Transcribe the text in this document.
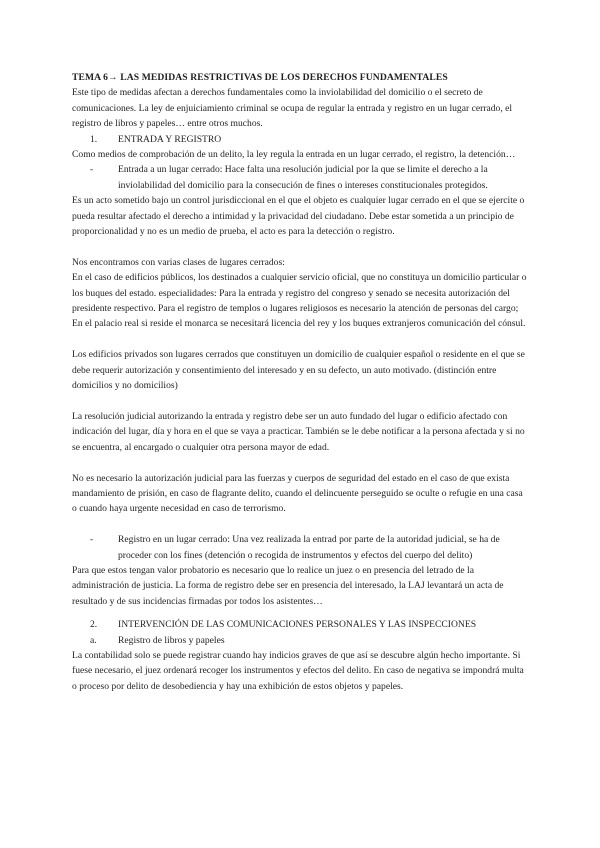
TEMA 6→ LAS MEDIDAS RESTRICTIVAS DE LOS DERECHOS FUNDAMENTALES

Este tipo de medidas afectan a derechos fundamentales como la inviolabilidad del domicilio o el secreto de comunicaciones. La ley de enjuiciamiento criminal se ocupa de regular la entrada y registro en un lugar cerrado, el registro de libros y papeles… entre otros muchos.

1. ENTRADA Y REGISTRO

Como medios de comprobación de un delito, la ley regula la entrada en un lugar cerrado, el registro, la detención…

-	Entrada a un lugar cerrado: Hace falta una resolución judicial por la que se limite el derecho a la inviolabilidad del domicilio para la consecución de fines o intereses constitucionales protegidos.

Es un acto sometido bajo un control jurisdiccional en el que el objeto es cualquier lugar cerrado en el que se ejercite o pueda resultar afectado el derecho a intimidad y la privacidad del ciudadano. Debe estar sometida a un principio de proporcionalidad y no es un medio de prueba, el acto es para la detección o registro.

Nos encontramos con varias clases de lugares cerrados:

En el caso de edificios públicos, los destinados a cualquier servicio oficial, que no constituya un domicilio particular o los buques del estado. especialidades: Para la entrada y registro del congreso y senado se necesita autorización del presidente respectivo. Para el registro de templos o lugares religiosos es necesario la atención de personas del cargo; En el palacio real si reside el monarca se necesitará licencia del rey y los buques extranjeros comunicación del cónsul.

Los edificios privados son lugares cerrados que constituyen un domicilio de cualquier español o residente en el que se debe requerir autorización y consentimiento del interesado y en su defecto, un auto motivado. (distinción entre domicilios y no domicilios)

La resolución judicial autorizando la entrada y registro debe ser un auto fundado del lugar o edificio afectado con indicación del lugar, día y hora en el que se vaya a practicar. También se le debe notificar a la persona afectada y si no se encuentra, al encargado o cualquier otra persona mayor de edad.

No es necesario la autorización judicial para las fuerzas y cuerpos de seguridad del estado en el caso de que exista mandamiento de prisión, en caso de flagrante delito, cuando el delincuente perseguido se oculte o refugie en una casa o cuando haya urgente necesidad en caso de terrorismo.

-	Registro en un lugar cerrado: Una vez realizada la entrad por parte de la autoridad judicial, se ha de proceder con los fines (detención o recogida de instrumentos y efectos del cuerpo del delito)

Para que estos tengan valor probatorio es necesario que lo realice un juez o en presencia del letrado de la administración de justicia. La forma de registro debe ser en presencia del interesado, la LAJ levantará un acta de resultado y de sus incidencias firmadas por todos los asistentes…

2. INTERVENCIÓN DE LAS COMUNICACIONES PERSONALES Y LAS INSPECCIONES
a. Registro de libros y papeles

La contabilidad solo se puede registrar cuando hay indicios graves de que así se descubre algún hecho importante. Si fuese necesario, el juez ordenará recoger los instrumentos y efectos del delito. En caso de negativa se impondrá multa o proceso por delito de desobediencia y hay una exhibición de estos objetos y papeles.
